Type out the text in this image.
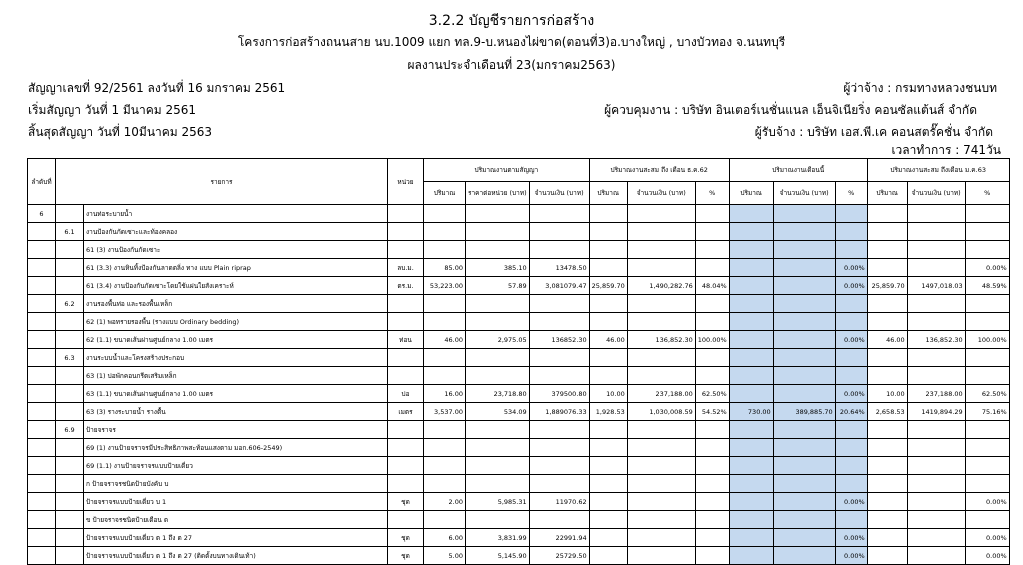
3.2.2 บัญชีรายการก่อสร้าง
โครงการก่อสร้างถนนสาย นบ.1009 แยก ทล.9-บ.หนองไผ่ขาด(ตอนที่3)อ.บางใหญ่ , บางบัวทอง จ.นนทบุรี
ผลงานประจำเดือนที่ 23(มกราคม2563)
สัญญาเลขที่ 92/2561 ลงวันที่ 16 มกราคม 2561
เริ่มสัญญา วันที่ 1 มีนาคม 2561
สิ้นสุดสัญญา วันที่ 10มีนาคม 2563
ผู้ว่าจ้าง : กรมทางหลวงชนบท
ผู้ควบคุมงาน : บริษัท อินเตอร์เนชั่นแนล เอ็นจิเนียริ่ง คอนซัลแต้นส์ จำกัด
ผู้รับจ้าง : บริษัท เอส.พี.เค คอนสตรั๊คชั่น จำกัด
เวลาทำการ : 741วัน
ลำดับที่	รายการ		หน่วย	ปริมาณงานตามสัญญา			ปริมาณงานสะสม ถึง เดือน ธ.ค.62			ปริมาณงานเดือนนี้			ปริมาณงานสะสม ถึงเดือน ม.ค.63		
				ปริมาณ	ราคาต่อหน่วย (บาท)	จำนวนเงิน (บาท)	ปริมาณ	จำนวนเงิน (บาท)	%	ปริมาณ	จำนวนเงิน (บาท)	%	ปริมาณ	จำนวนเงิน (บาท)	%
6		งานท่อระบายน้ำ													
	6.1	งานป้องกันกัดเซาะและท้องคลอง													
		61 (3) งานป้องกันกัดเซาะ													
		61 (3.3) งานหินทิ้งป้องกันลาดตลิ่ง ทาง แบบ Plain riprap	ลบ.ม.	85.00	385.10	13478.50						0.00%			0.00%
		61 (3.4) งานป้องกันกัดเซาะโดยใช้แผ่นใยสังเคราะห์	ตร.ม.	53,223.00	57.89	3,081079.47	25,859.70	1,490,282.76	48.04%			0.00%	25,859.70	1497,018.03	48.59%
	6.2	งานรองพื้นท่อ และรองพื้นเหล็ก													
		62 (1) พอทรายรองพื้น (รางแบบ Ordinary bedding)													
		62 (1.1) ขนาดเส้นผ่านศูนย์กลาง 1.00 เมตร	ท่อน	46.00	2,975.05	136852.30	46.00	136,852.30	100.00%			0.00%	46.00	136,852.30	100.00%
	6.3	งานระบบน้ำและโครงสร้างประกอบ													
		63 (1) บ่อพักคอนกรีตเสริมเหล็ก													
		63 (1.1) ขนาดเส้นผ่านศูนย์กลาง 1.00 เมตร	บ่อ	16.00	23,718.80	379500.80	10.00	237,188.00	62.50%			0.00%	10.00	237,188.00	62.50%
		63 (3) รางระบายน้ำ รางตื้น	เมตร	3,537.00	534.09	1,889076.33	1,928.53	1,030,008.59	54.52%	730.00	389,885.70	20.64%	2,658.53	1419,894.29	75.16%
	6.9	ป้ายจราจร													
		69 (1) งานป้ายจราจรมีประสิทธิภาพสะท้อนแสงตาม มอก.606-2549)													
		69 (1.1) งานป้ายจราจรแบบป้ายเดี่ยว													
		ก ป้ายจราจรชนิดป้ายบังคับ บ													
		ป้ายจราจรแบบป้ายเดี่ยว บ 1	ชุด	2.00	5,985.31	11970.62						0.00%			0.00%
		ข ป้ายจราจรชนิดป้ายเตือน ต													
		ป้ายจราจรแบบป้ายเดี่ยว ต 1 ถึง ต 27	ชุด	6.00	3,831.99	22991.94						0.00%			0.00%
		ป้ายจราจรแบบป้ายเดี่ยว ต 1 ถึง ต 27 (ติดตั้งบนทางเดินเท้า)	ชุด	5.00	5,145.90	25729.50						0.00%			0.00%
